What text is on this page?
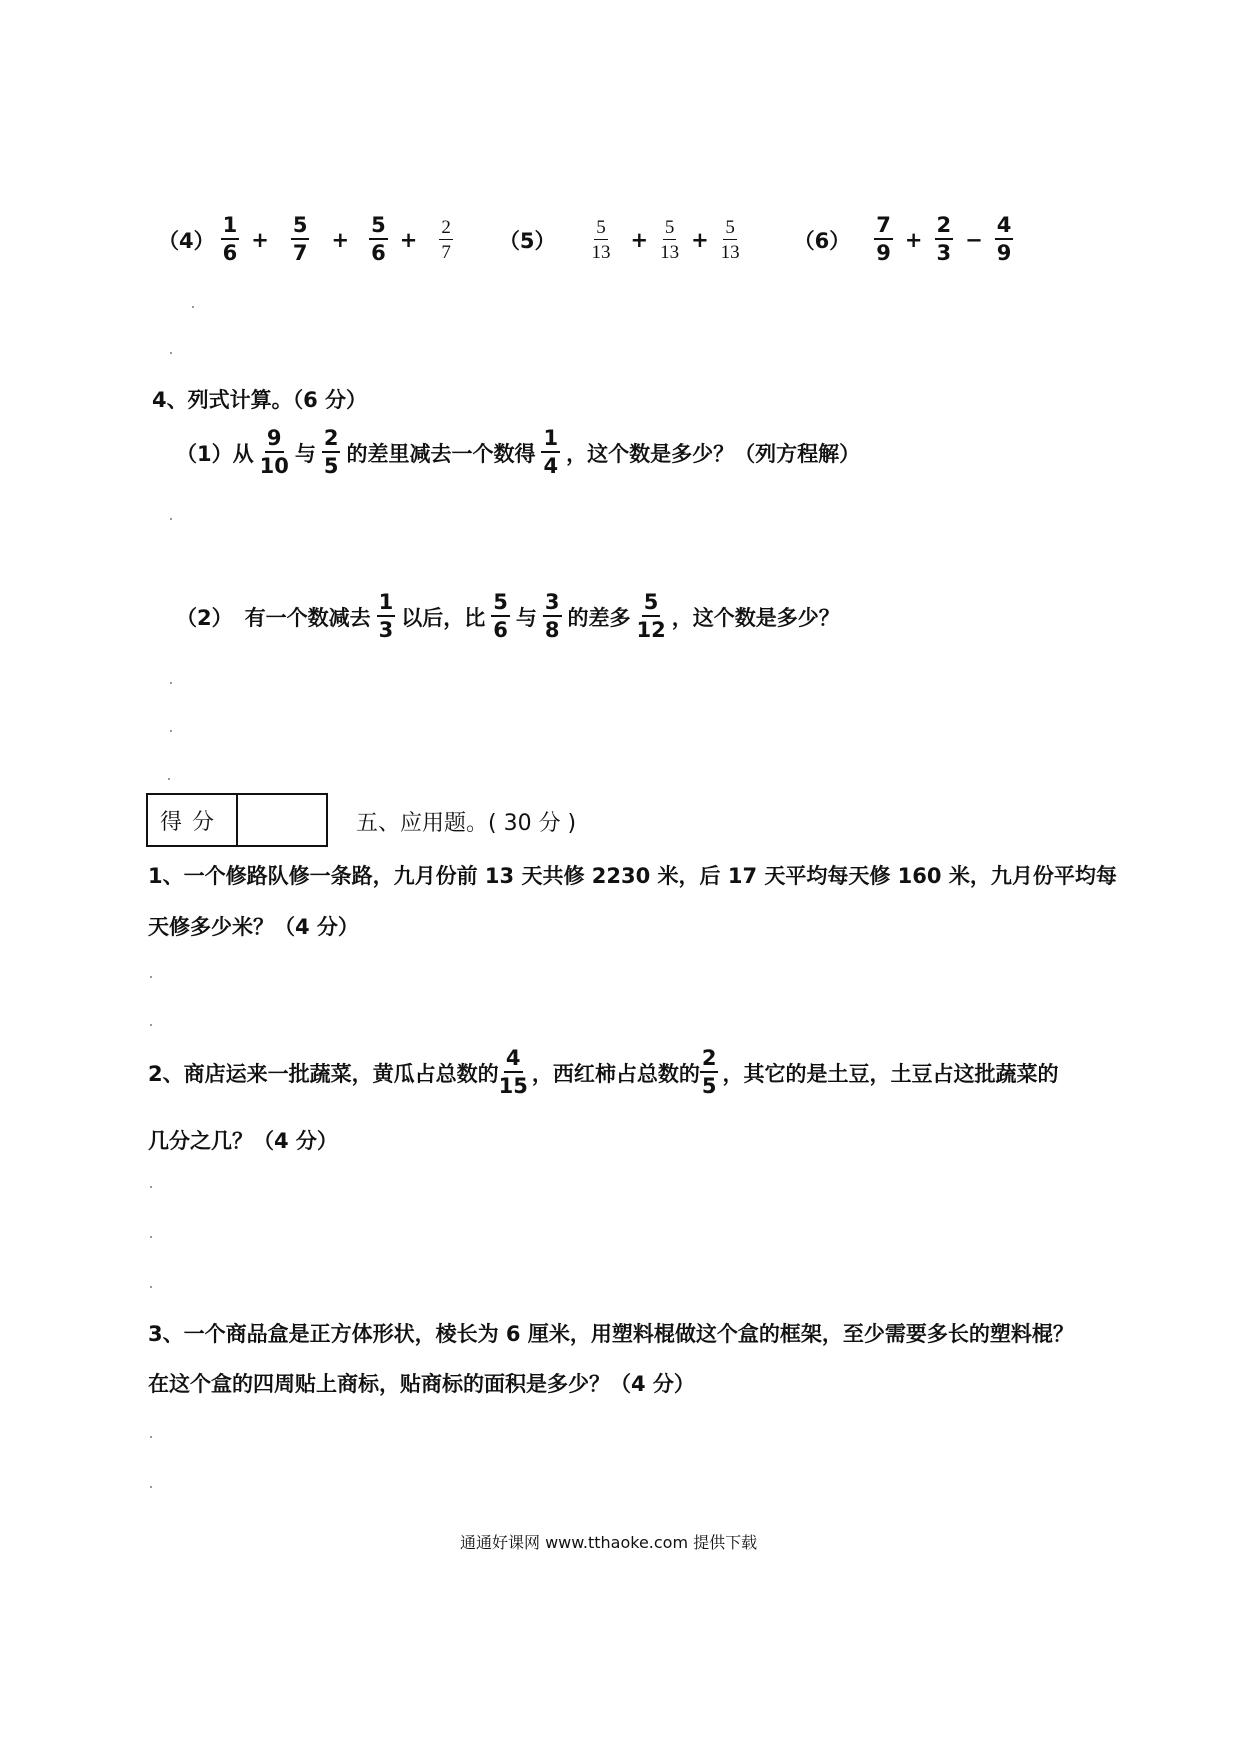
$(4) \frac{1}{6} + \frac{5}{7} + \frac{5}{6} + \frac{2}{7} (5) \frac{5}{13} + \frac{5}{13} + \frac{5}{13}$	$(6) \frac{7}{9} + \frac{2}{3} - \frac{4}{9}$
4、列式计算。（6 分）
（1）从 $\frac{9}{10}$ 与 $\frac{2}{5}$ 的差里减去一个数得 $\frac{1}{4}$ ，这个数是多少？（列方程解）
（2） 有一个数减去 $\frac{1}{3}$ 以后，比 $\frac{5}{6}$ 与 $\frac{3}{8}$ 的差多 $\frac{5}{12}$ ，这个数是多少？
得分	五、应用题。( 30 分 )
1、一个修路队修一条路，九月份前 13 天共修 2230 米，后 17 天平均每天修 160 米，九月份平均每
天修多少米？（4 分）
2、商店运来一批蔬菜，黄瓜占总数的 $\frac{4}{15}$ ，西红柿占总数的 $\frac{2}{5}$ ，其它的是土豆，土豆占这批蔬菜的
几分之几？（4 分）
3、一个商品盒是正方体形状，棱长为 6 厘米，用塑料棍做这个盒的框架，至少需要多长的塑料棍？
在这个盒的四周贴上商标，贴商标的面积是多少？（4 分）
通通好课网 www.tthaoke.com 提供下载
